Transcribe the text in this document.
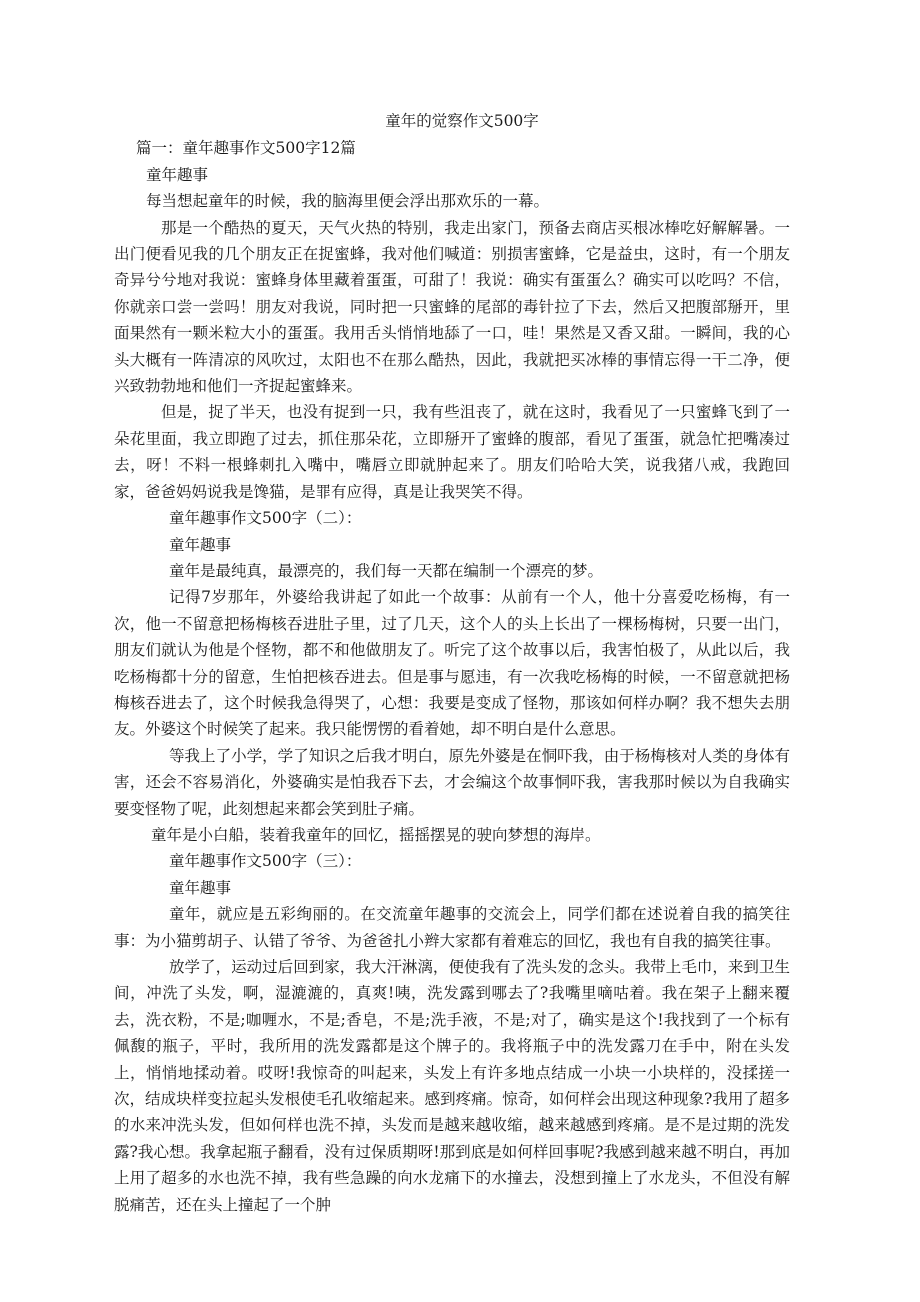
童年的觉察作文500字

篇一：童年趣事作文500字12篇

童年趣事

每当想起童年的时候，我的脑海里便会浮出那欢乐的一幕。

那是一个酷热的夏天，天气火热的特别，我走出家门，预备去商店买根冰棒吃好解解暑。一出门便看见我的几个朋友正在捉蜜蜂，我对他们喊道：别损害蜜蜂，它是益虫，这时，有一个朋友奇异兮兮地对我说：蜜蜂身体里藏着蛋蛋，可甜了！我说：确实有蛋蛋么？确实可以吃吗？不信，你就亲口尝一尝吗！朋友对我说，同时把一只蜜蜂的尾部的毒针拉了下去，然后又把腹部掰开，里面果然有一颗米粒大小的蛋蛋。我用舌头悄悄地舔了一口，哇！果然是又香又甜。一瞬间，我的心头大概有一阵清凉的风吹过，太阳也不在那么酷热，因此，我就把买冰棒的事情忘得一干二净，便兴致勃勃地和他们一齐捉起蜜蜂来。

但是，捉了半天，也没有捉到一只，我有些沮丧了，就在这时，我看见了一只蜜蜂飞到了一朵花里面，我立即跑了过去，抓住那朵花，立即掰开了蜜蜂的腹部，看见了蛋蛋，就急忙把嘴凑过去，呀！不料一根蜂刺扎入嘴中，嘴唇立即就肿起来了。朋友们哈哈大笑，说我猪八戒，我跑回家，爸爸妈妈说我是馋猫，是罪有应得，真是让我哭笑不得。

童年趣事作文500字（二）：

童年趣事

童年是最纯真，最漂亮的，我们每一天都在编制一个漂亮的梦。

记得7岁那年，外婆给我讲起了如此一个故事：从前有一个人，他十分喜爱吃杨梅，有一次，他一不留意把杨梅核吞进肚子里，过了几天，这个人的头上长出了一棵杨梅树，只要一出门，朋友们就认为他是个怪物，都不和他做朋友了。听完了这个故事以后，我害怕极了，从此以后，我吃杨梅都十分的留意，生怕把核吞进去。但是事与愿违，有一次我吃杨梅的时候，一不留意就把杨梅核吞进去了，这个时候我急得哭了，心想：我要是变成了怪物，那该如何样办啊？我不想失去朋友。外婆这个时候笑了起来。我只能愣愣的看着她，却不明白是什么意思。

等我上了小学，学了知识之后我才明白，原先外婆是在恫吓我，由于杨梅核对人类的身体有害，还会不容易消化，外婆确实是怕我吞下去，才会编这个故事恫吓我，害我那时候以为自我确实要变怪物了呢，此刻想起来都会笑到肚子痛。

童年是小白船，装着我童年的回忆，摇摇摆晃的驶向梦想的海岸。

童年趣事作文500字（三）：

童年趣事

童年，就应是五彩绚丽的。在交流童年趣事的交流会上，同学们都在述说着自我的搞笑往事：为小猫剪胡子、认错了爷爷、为爸爸扎小辫大家都有着难忘的回忆，我也有自我的搞笑往事。

放学了，运动过后回到家，我大汗淋漓，便使我有了洗头发的念头。我带上毛巾，来到卫生间，冲洗了头发，啊，湿漉漉的，真爽!咦，洗发露到哪去了?我嘴里嘀咕着。我在架子上翻来覆去，洗衣粉，不是;咖喱水，不是;香皂，不是;洗手液，不是;对了，确实是这个!我找到了一个标有佩馥的瓶子，平时，我所用的洗发露都是这个牌子的。我将瓶子中的洗发露刀在手中，附在头发上，悄悄地揉动着。哎呀!我惊奇的叫起来，头发上有许多地点结成一小块一小块样的，没揉搓一次，结成块样变拉起头发根使毛孔收缩起来。感到疼痛。惊奇，如何样会出现这种现象?我用了超多的水来冲洗头发，但如何样也洗不掉，头发而是越来越收缩，越来越感到疼痛。是不是过期的洗发露?我心想。我拿起瓶子翻看，没有过保质期呀!那到底是如何样回事呢?我感到越来越不明白，再加上用了超多的水也洗不掉，我有些急躁的向水龙痛下的水撞去，没想到撞上了水龙头，不但没有解脱痛苦，还在头上撞起了一个肿
